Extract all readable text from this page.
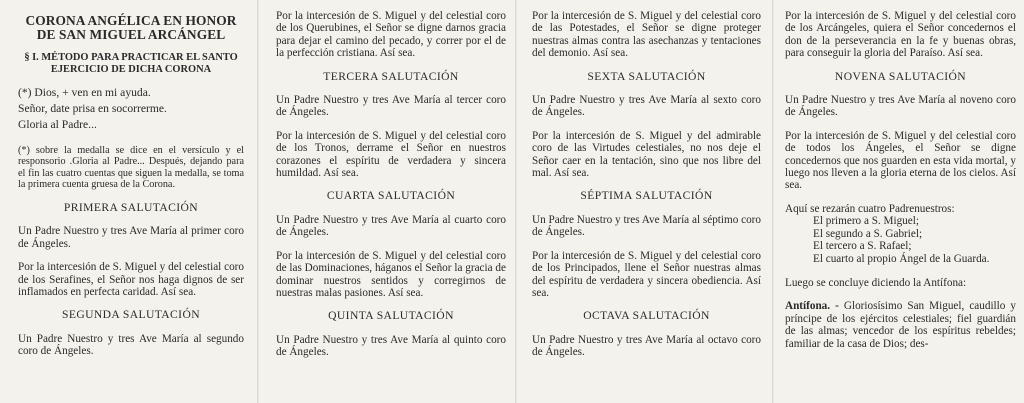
CORONA ANGÉLICA EN HONOR DE SAN MIGUEL ARCÁNGEL
§ I. MÉTODO PARA PRACTICAR EL SANTO EJERCICIO DE DICHA CORONA

(*) Dios, + ven en mi ayuda.

Señor, date prisa en socorrerme.

Gloria al Padre...

(*) sobre la medalla se dice en el versículo y el responsorio .Gloria al Padre... Después, dejando para el fin las cuatro cuentas que siguen la medalla, se toma la primera cuenta gruesa de la Corona.

PRIMERA SALUTACIÓN

Un Padre Nuestro y tres Ave María al primer coro de Ángeles.

Por la intercesión de S. Miguel y del celestial coro de los Serafines, el Señor nos haga dignos de ser inflamados en perfecta caridad. Así sea.

SEGUNDA SALUTACIÓN

Un Padre Nuestro y tres Ave María al segundo coro de Ángeles.

Por la intercesión de S. Miguel y del celestial coro de los Querubines, el Señor se digne darnos gracia para dejar el camino del pecado, y correr por el de la perfección cristiana. Así sea.

TERCERA SALUTACIÓN

Un Padre Nuestro y tres Ave María al tercer coro de Ángeles.

Por la intercesión de S. Miguel y del celestial coro de los Tronos, derrame el Señor en nuestros corazones el espíritu de verdadera y sincera humildad. Así sea.

CUARTA SALUTACIÓN

Un Padre Nuestro y tres Ave María al cuarto coro de Ángeles.

Por la intercesión de S. Miguel y del celestial coro de las Dominaciones, háganos el Señor la gracia de dominar nuestros sentidos y corregirnos de nuestras malas pasiones. Así sea.

QUINTA SALUTACIÓN

Un Padre Nuestro y tres Ave María al quinto coro de Ángeles.

Por la intercesión de S. Miguel y del celestial coro de las Potestades, el Señor se digne proteger nuestras almas contra las asechanzas y tentaciones del demonio. Así sea.

SEXTA SALUTACIÓN

Un Padre Nuestro y tres Ave María al sexto coro de Ángeles.

Por la intercesión de S. Miguel y del admirable coro de las Virtudes celestiales, no nos deje el Señor caer en la tentación, sino que nos libre del mal. Así sea.

SÉPTIMA SALUTACIÓN

Un Padre Nuestro y tres Ave María al séptimo coro de Ángeles.

Por la intercesión de S. Miguel y del celestial coro de los Principados, llene el Señor nuestras almas del espíritu de verdadera y sincera obediencia. Así sea.

OCTAVA SALUTACIÓN

Un Padre Nuestro y tres Ave María al octavo coro de Ángeles.

Por la intercesión de S. Miguel y del celestial coro de los Arcángeles, quiera el Señor concedernos el don de la perseverancia en la fe y buenas obras, para conseguir la gloria del Paraíso. Así sea.

NOVENA SALUTACIÓN

Un Padre Nuestro y tres Ave María al noveno coro de Ángeles.

Por la intercesión de S. Miguel y del celestial coro de todos los Ángeles, el Señor se digne concedernos que nos guarden en esta vida mortal, y luego nos lleven a la gloria eterna de los cielos. Así sea.

Aquí se rezarán cuatro Padrenuestros:

El primero a S. Miguel;

El segundo a S. Gabriel;

El tercero a S. Rafael;

El cuarto al propio Ángel de la Guarda.

Luego se concluye diciendo la Antífona:

Antífona. - Gloriosísimo San Miguel, caudillo y príncipe de los ejércitos celestiales; fiel guardián de las almas; vencedor de los espíritus rebeldes; familiar de la casa de Dios; des-
